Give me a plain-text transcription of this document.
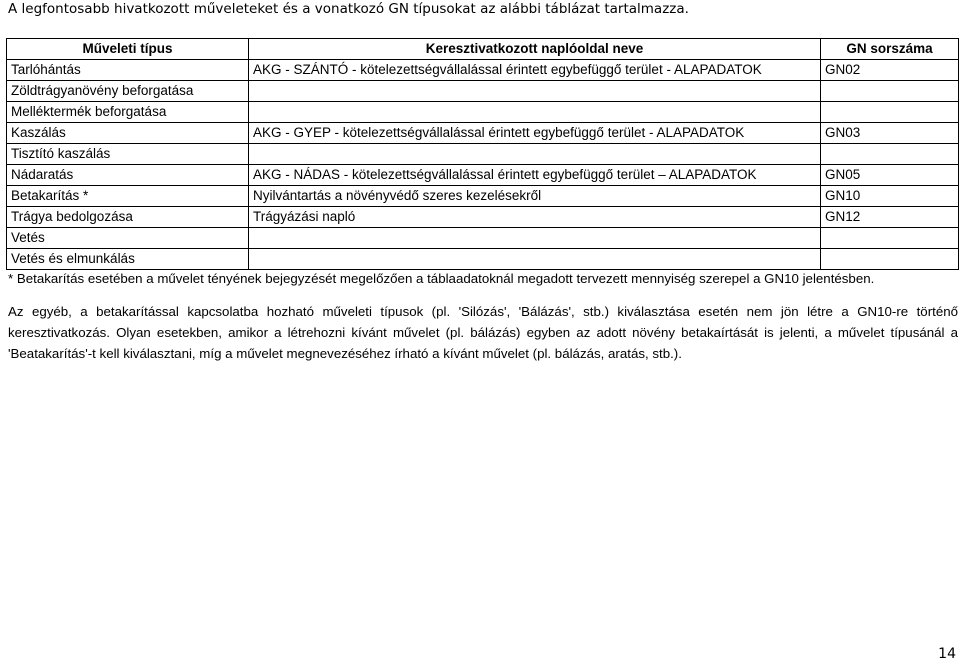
A legfontosabb hivatkozott műveleteket és a vonatkozó GN típusokat az alábbi táblázat tartalmazza.
Műveleti típus	Keresztivatkozott naplóoldal neve	GN sorszáma
Tarlóhántás	AKG - SZÁNTÓ - kötelezettségvállalással érintett egybefüggő terület - ALAPADATOK	GN02
Zöldtrágyanövény beforgatása		
Melléktermék beforgatása		
Kaszálás	AKG - GYEP - kötelezettségvállalással érintett egybefüggő terület - ALAPADATOK	GN03
Tisztító kaszálás		
Nádaratás	AKG - NÁDAS - kötelezettségvállalással érintett egybefüggő terület – ALAPADATOK	GN05
Betakarítás *	Nyilvántartás a növényvédő szeres kezelésekről	GN10
Trágya bedolgozása	Trágyázási napló	GN12
Vetés		
Vetés és elmunkálás		

* Betakarítás esetében a művelet tényének bejegyzését megelőzően a táblaadatoknál megadott tervezett mennyiség szerepel a GN10 jelentésben.

Az egyéb, a betakarítással kapcsolatba hozható műveleti típusok (pl. 'Silózás', 'Bálázás', stb.) kiválasztása esetén nem jön létre a GN10-re történő keresztivatkozás. Olyan esetekben, amikor a létrehozni kívánt művelet (pl. bálázás) egyben az adott növény betakaírtását is jelenti, a művelet típusánál a 'Beatakarítás'-t kell kiválasztani, míg a művelet megnevezéséhez írható a kívánt művelet (pl. bálázás, aratás, stb.).

14
